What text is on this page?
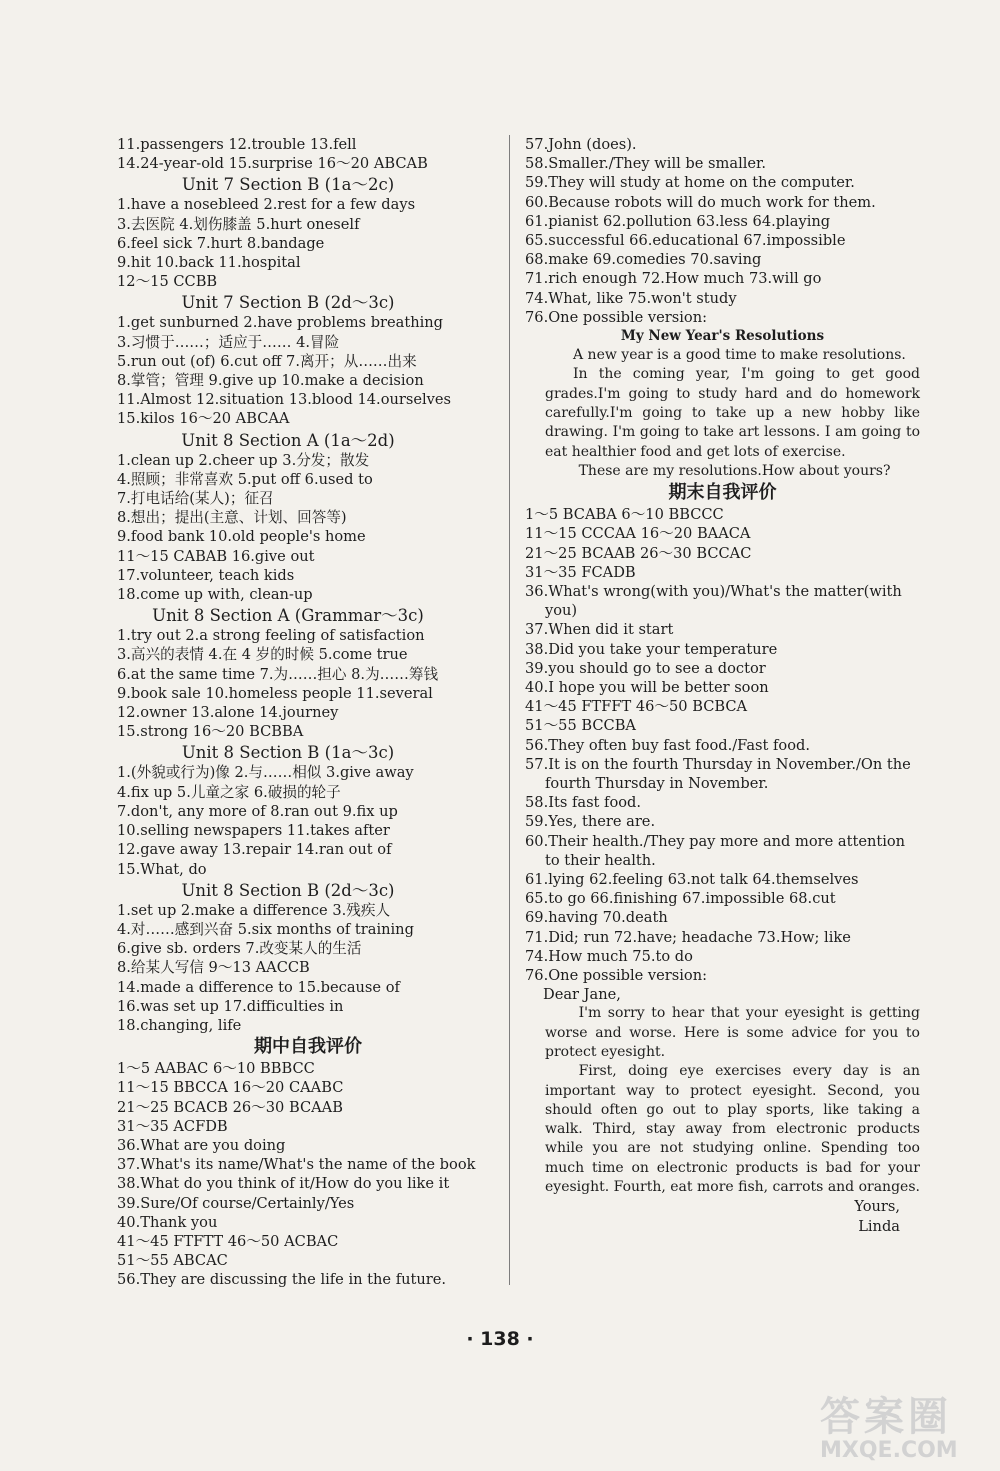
11.passengers 12.trouble 13.fell
14.24-year-old 15.surprise 16～20 ABCAB
Unit 7 Section B (1a～2c)
1.have a nosebleed 2.rest for a few days
3.去医院 4.划伤膝盖 5.hurt oneself
6.feel sick 7.hurt 8.bandage
9.hit 10.back 11.hospital
12～15 CCBB
Unit 7 Section B (2d～3c)
1.get sunburned 2.have problems breathing
3.习惯于……；适应于…… 4.冒险
5.run out (of) 6.cut off 7.离开；从……出来
8.掌管；管理 9.give up 10.make a decision
11.Almost 12.situation 13.blood 14.ourselves
15.kilos 16～20 ABCAA
Unit 8 Section A (1a～2d)
1.clean up 2.cheer up 3.分发；散发
4.照顾；非常喜欢 5.put off 6.used to
7.打电话给(某人)；征召
8.想出；提出(主意、计划、回答等)
9.food bank 10.old people's home
11～15 CABAB 16.give out
17.volunteer, teach kids
18.come up with, clean-up
Unit 8 Section A (Grammar～3c)
1.try out 2.a strong feeling of satisfaction
3.高兴的表情 4.在 4 岁的时候 5.come true
6.at the same time 7.为……担心 8.为……筹钱
9.book sale 10.homeless people 11.several
12.owner 13.alone 14.journey
15.strong 16～20 BCBBA
Unit 8 Section B (1a～3c)
1.(外貌或行为)像 2.与……相似 3.give away
4.fix up 5.儿童之家 6.破损的轮子
7.don't, any more of 8.ran out 9.fix up
10.selling newspapers 11.takes after
12.gave away 13.repair 14.ran out of
15.What, do
Unit 8 Section B (2d～3c)
1.set up 2.make a difference 3.残疾人
4.对……感到兴奋 5.six months of training
6.give sb. orders 7.改变某人的生活
8.给某人写信 9～13 AACCB
14.made a difference to 15.because of
16.was set up 17.difficulties in
18.changing, life
期中自我评价
1～5 AABAC 6～10 BBBCC
11～15 BBCCA 16～20 CAABC
21～25 BCACB 26～30 BCAAB
31～35 ACFDB
36.What are you doing
37.What's its name/What's the name of the book
38.What do you think of it/How do you like it
39.Sure/Of course/Certainly/Yes
40.Thank you
41～45 FTFTT 46～50 ACBAC
51～55 ABCAC
56.They are discussing the life in the future.
57.John (does).
58.Smaller./They will be smaller.
59.They will study at home on the computer.
60.Because robots will do much work for them.
61.pianist 62.pollution 63.less 64.playing
65.successful 66.educational 67.impossible
68.make 69.comedies 70.saving
71.rich enough 72.How much 73.will go
74.What, like 75.won't study
76.One possible version:
My New Year's Resolutions
A new year is a good time to make resolutions.
In the coming year, I'm going to get good grades.I'm going to study hard and do homework carefully.I'm going to take up a new hobby like drawing. I'm going to take art lessons. I am going to eat healthier food and get lots of exercise.
These are my resolutions.How about yours?
期末自我评价
1～5 BCABA 6～10 BBCCC
11～15 CCCAA 16～20 BAACA
21～25 BCAAB 26～30 BCCAC
31～35 FCADB
36.What's wrong(with you)/What's the matter(with you)
37.When did it start
38.Did you take your temperature
39.you should go to see a doctor
40.I hope you will be better soon
41～45 FTFFT 46～50 BCBCA
51～55 BCCBA
56.They often buy fast food./Fast food.
57.It is on the fourth Thursday in November./On the fourth Thursday in November.
58.Its fast food.
59.Yes, there are.
60.Their health./They pay more and more attention to their health.
61.lying 62.feeling 63.not talk 64.themselves
65.to go 66.finishing 67.impossible 68.cut
69.having 70.death
71.Did; run 72.have; headache 73.How; like
74.How much 75.to do
76.One possible version:
Dear Jane,
I'm sorry to hear that your eyesight is getting worse and worse. Here is some advice for you to protect eyesight.
First, doing eye exercises every day is an important way to protect eyesight. Second, you should often go out to play sports, like taking a walk. Third, stay away from electronic products while you are not studying online. Spending too much time on electronic products is bad for your eyesight. Fourth, eat more fish, carrots and oranges.
Yours,
Linda
· 138 ·
答案圈
MXQE.COM
